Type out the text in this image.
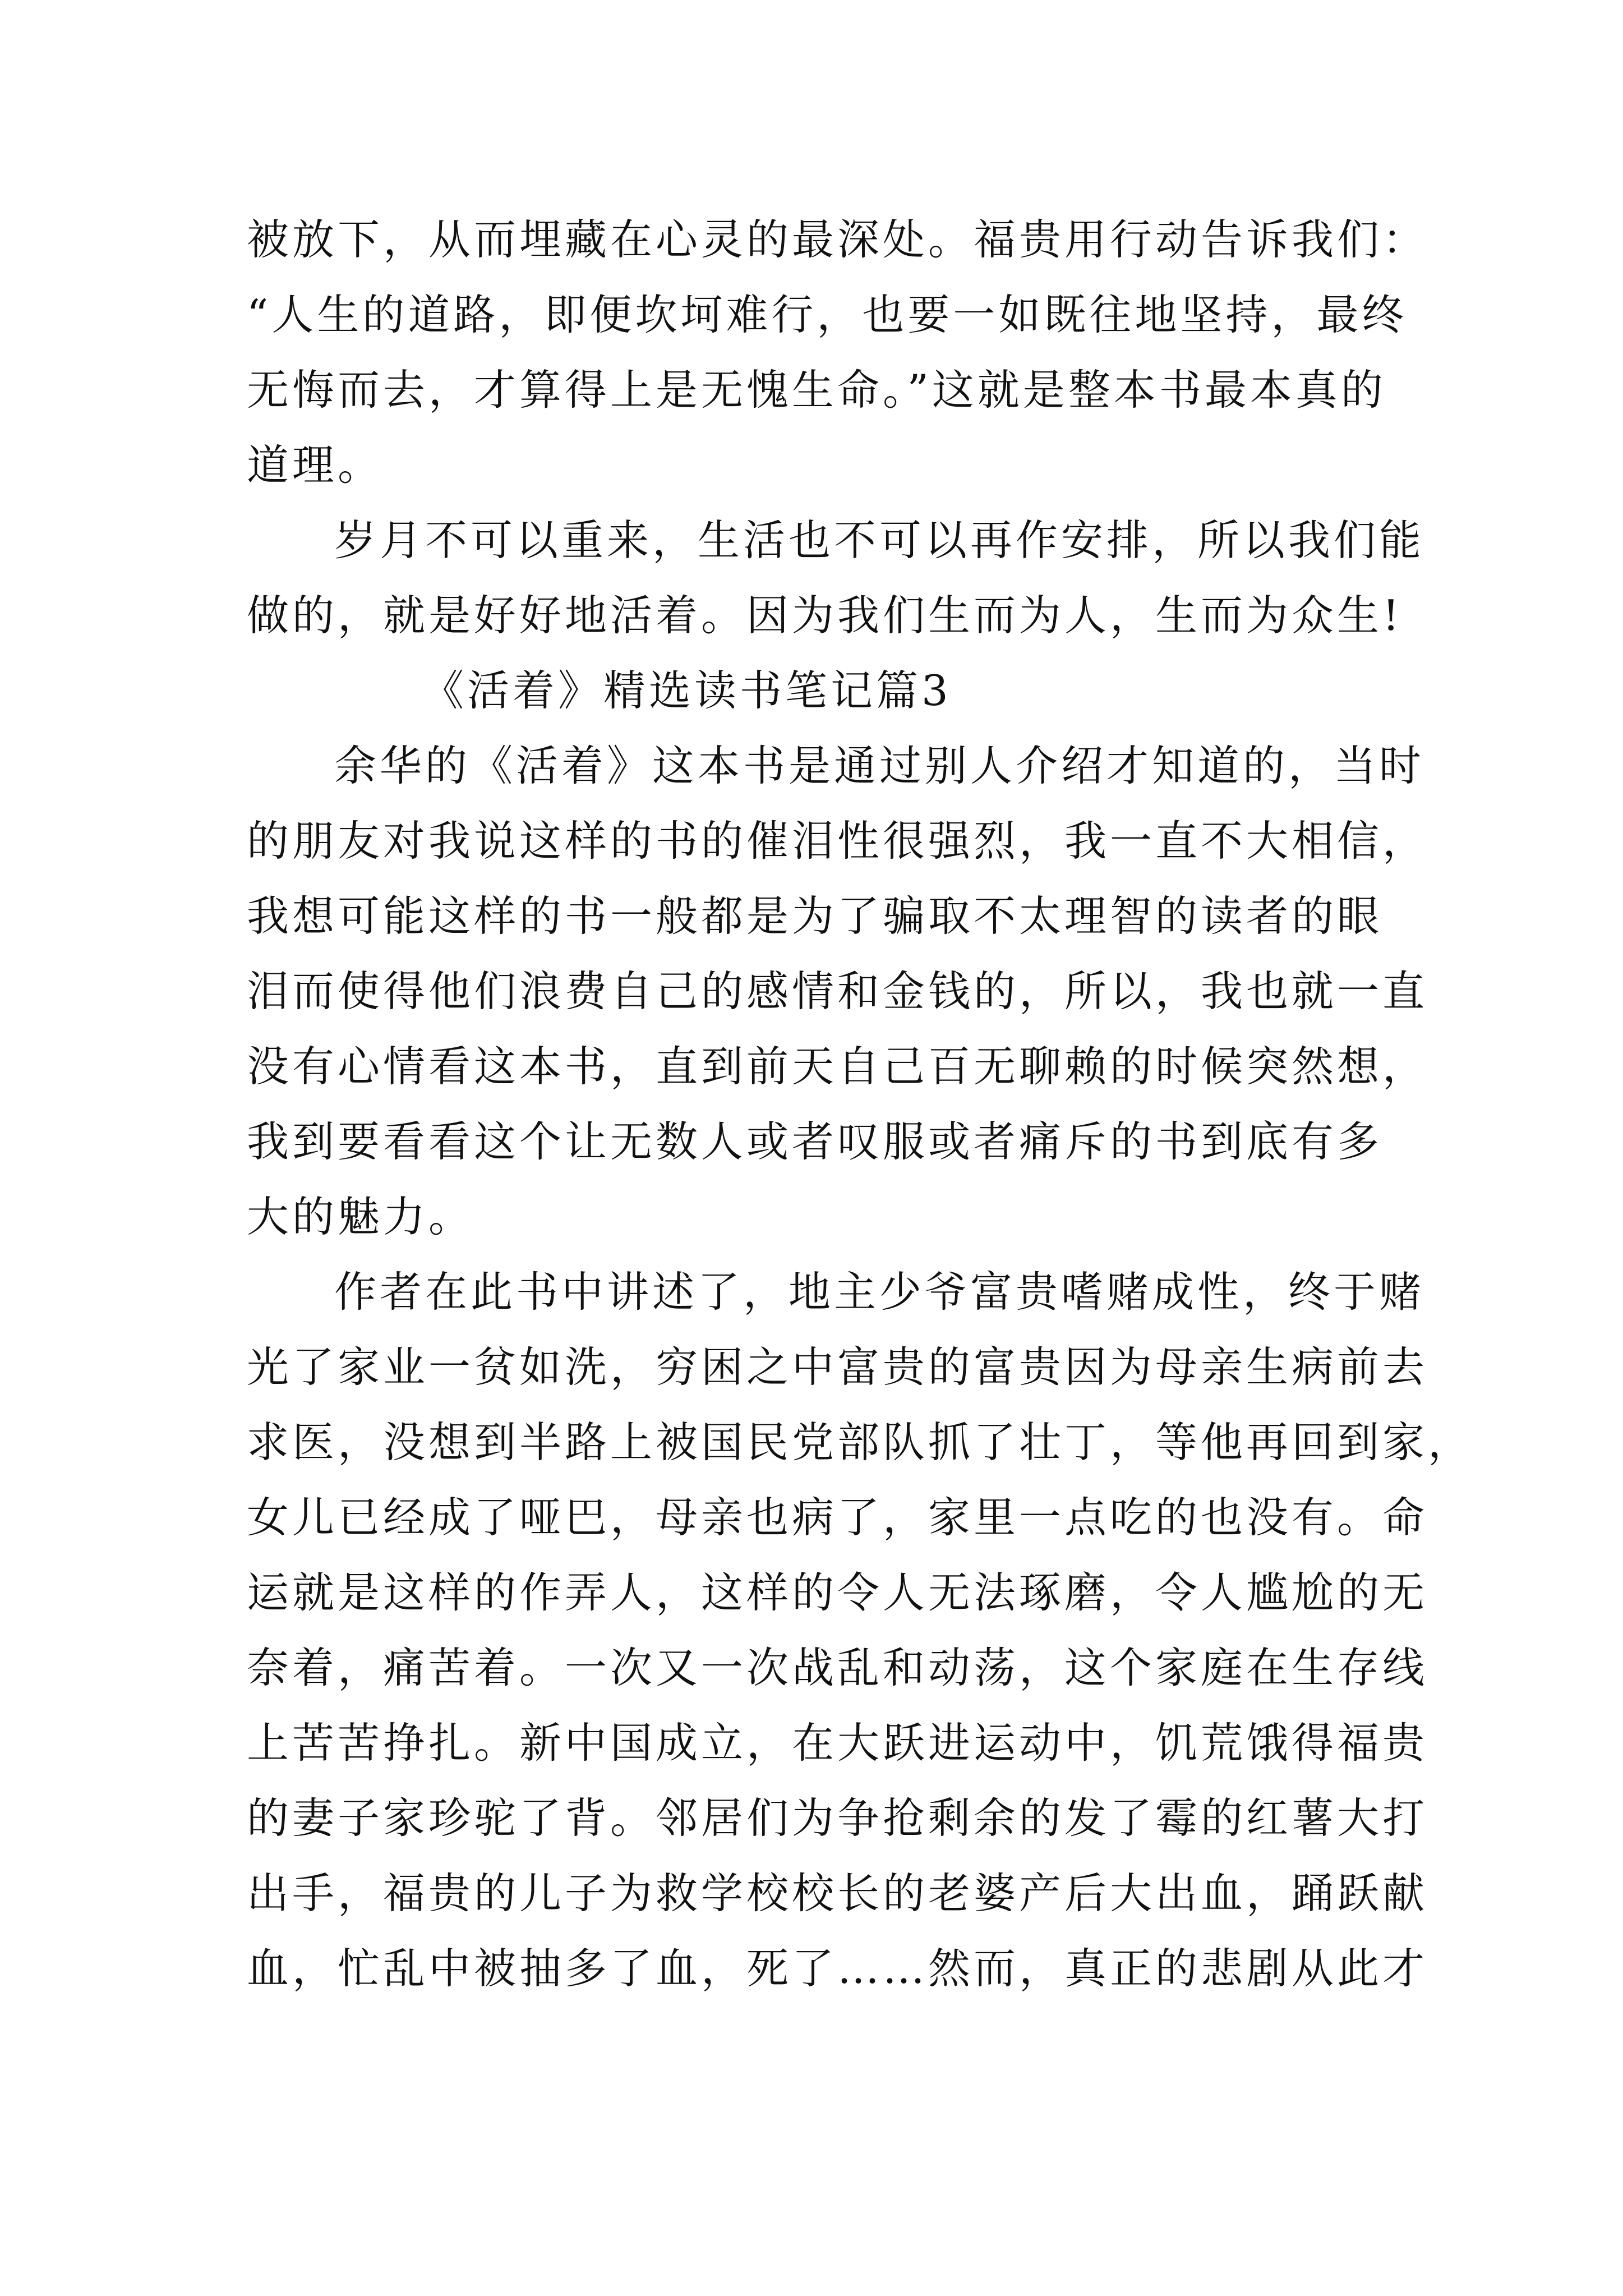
被放下，从而埋藏在心灵的最深处。福贵用行动告诉我们：
“人生的道路，即便坎坷难行，也要一如既往地坚持，最终
无悔而去，才算得上是无愧生命。”这就是整本书最本真的
道理。

岁月不可以重来，生活也不可以再作安排，所以我们能
做的，就是好好地活着。因为我们生而为人，生而为众生!

《活着》精选读书笔记篇3

余华的《活着》这本书是通过别人介绍才知道的，当时
的朋友对我说这样的书的催泪性很强烈，我一直不大相信，
我想可能这样的书一般都是为了骗取不太理智的读者的眼
泪而使得他们浪费自己的感情和金钱的，所以，我也就一直
没有心情看这本书，直到前天自己百无聊赖的时候突然想，
我到要看看这个让无数人或者叹服或者痛斥的书到底有多
大的魅力。

作者在此书中讲述了，地主少爷富贵嗜赌成性，终于赌
光了家业一贫如洗，穷困之中富贵的富贵因为母亲生病前去
求医，没想到半路上被国民党部队抓了壮丁，等他再回到家，
女儿已经成了哑巴，母亲也病了，家里一点吃的也没有。命
运就是这样的作弄人，这样的令人无法琢磨，令人尴尬的无
奈着，痛苦着。一次又一次战乱和动荡，这个家庭在生存线
上苦苦挣扎。新中国成立，在大跃进运动中，饥荒饿得福贵
的妻子家珍驼了背。邻居们为争抢剩余的发了霉的红薯大打
出手，福贵的儿子为救学校校长的老婆产后大出血，踊跃献
血，忙乱中被抽多了血，死了……然而，真正的悲剧从此才
